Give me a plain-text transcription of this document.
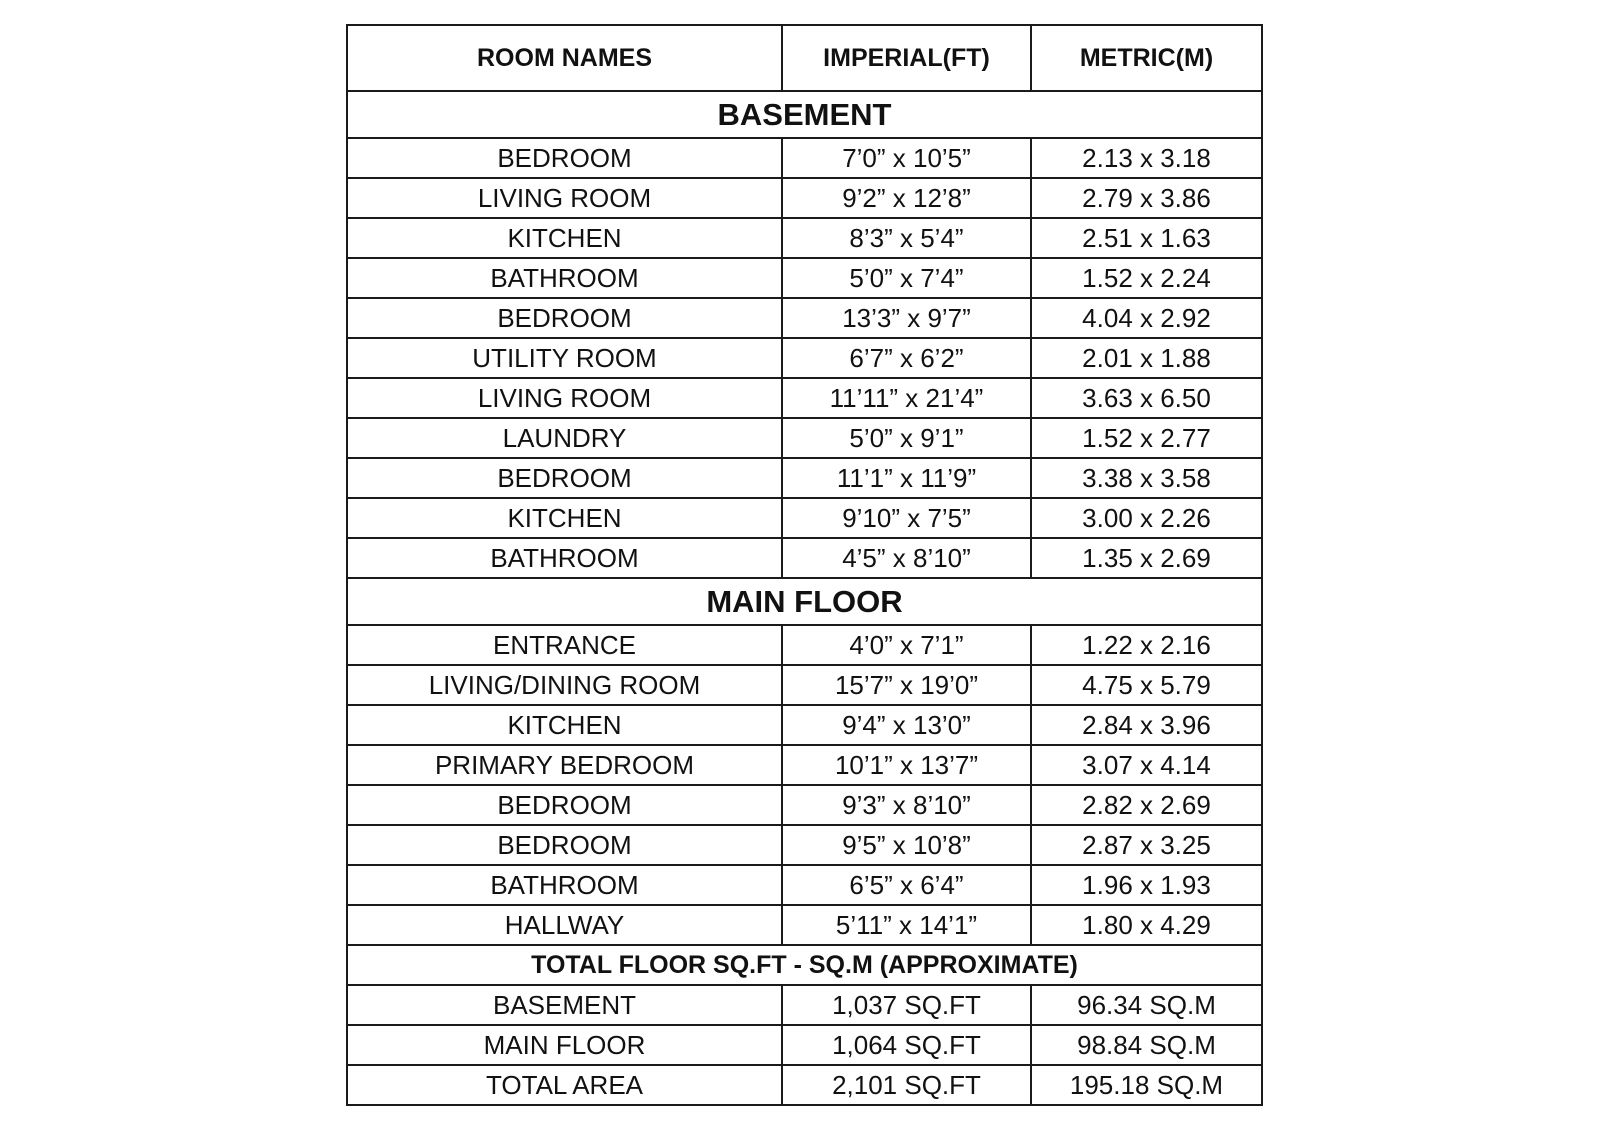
ROOM NAMES	IMPERIAL(FT)	METRIC(M)
BASEMENT		
BEDROOM	7’0” x 10’5”	2.13 x 3.18
LIVING ROOM	9’2” x 12’8”	2.79 x 3.86
KITCHEN	8’3” x 5’4”	2.51 x 1.63
BATHROOM	5’0” x 7’4”	1.52 x 2.24
BEDROOM	13’3” x 9’7”	4.04 x 2.92
UTILITY ROOM	6’7” x 6’2”	2.01 x 1.88
LIVING ROOM	11’11” x 21’4”	3.63 x 6.50
LAUNDRY	5’0” x 9’1”	1.52 x 2.77
BEDROOM	11’1” x 11’9”	3.38 x 3.58
KITCHEN	9’10” x 7’5”	3.00 x 2.26
BATHROOM	4’5” x 8’10”	1.35 x 2.69
MAIN FLOOR		
ENTRANCE	4’0” x 7’1”	1.22 x 2.16
LIVING/DINING ROOM	15’7” x 19’0”	4.75 x 5.79
KITCHEN	9’4” x 13’0”	2.84 x 3.96
PRIMARY BEDROOM	10’1” x 13’7”	3.07 x 4.14
BEDROOM	9’3” x 8’10”	2.82 x 2.69
BEDROOM	9’5” x 10’8”	2.87 x 3.25
BATHROOM	6’5” x 6’4”	1.96 x 1.93
HALLWAY	5’11” x 14’1”	1.80 x 4.29
TOTAL FLOOR SQ.FT - SQ.M (APPROXIMATE)		
BASEMENT	1,037 SQ.FT	96.34 SQ.M
MAIN FLOOR	1,064 SQ.FT	98.84 SQ.M
TOTAL AREA	2,101 SQ.FT	195.18 SQ.M
